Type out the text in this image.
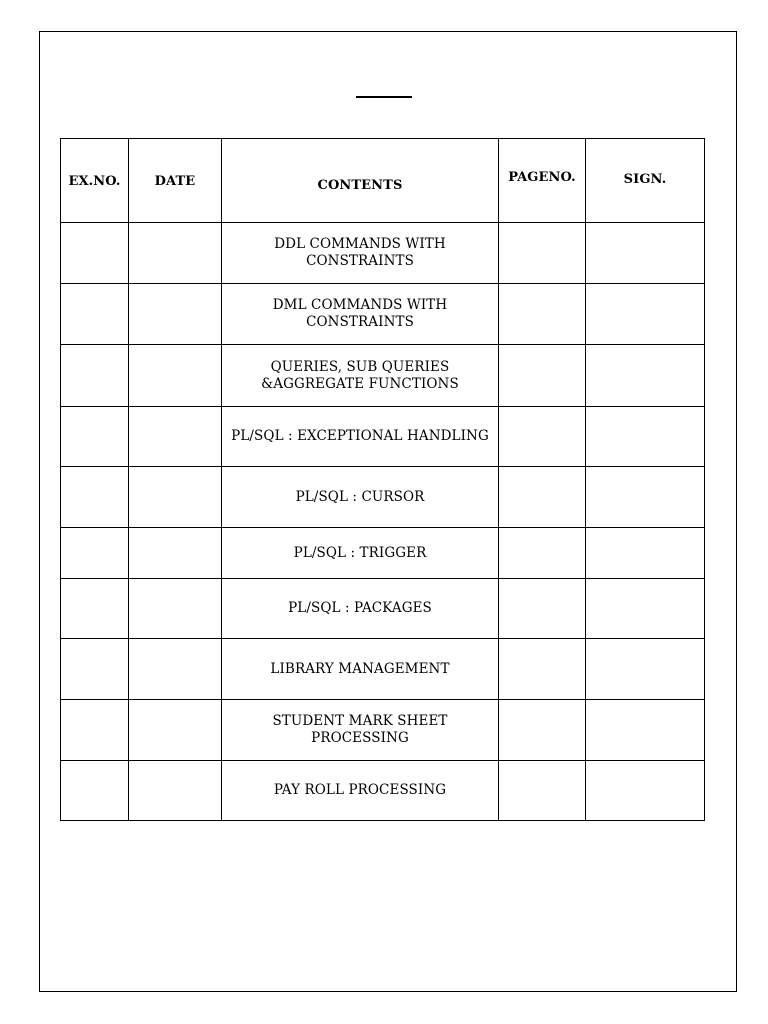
EX.NO.	DATE	CONTENTS	PAGENO.	SIGN.

		DDL COMMANDS WITH CONSTRAINTS		
		DML COMMANDS WITH CONSTRAINTS		
		QUERIES, SUB QUERIES &AGGREGATE FUNCTIONS		
		PL/SQL : EXCEPTIONAL HANDLING		
		PL/SQL : CURSOR		
		PL/SQL : TRIGGER		
		PL/SQL : PACKAGES		
		LIBRARY MANAGEMENT		
		STUDENT MARK SHEET PROCESSING		
		PAY ROLL PROCESSING		
